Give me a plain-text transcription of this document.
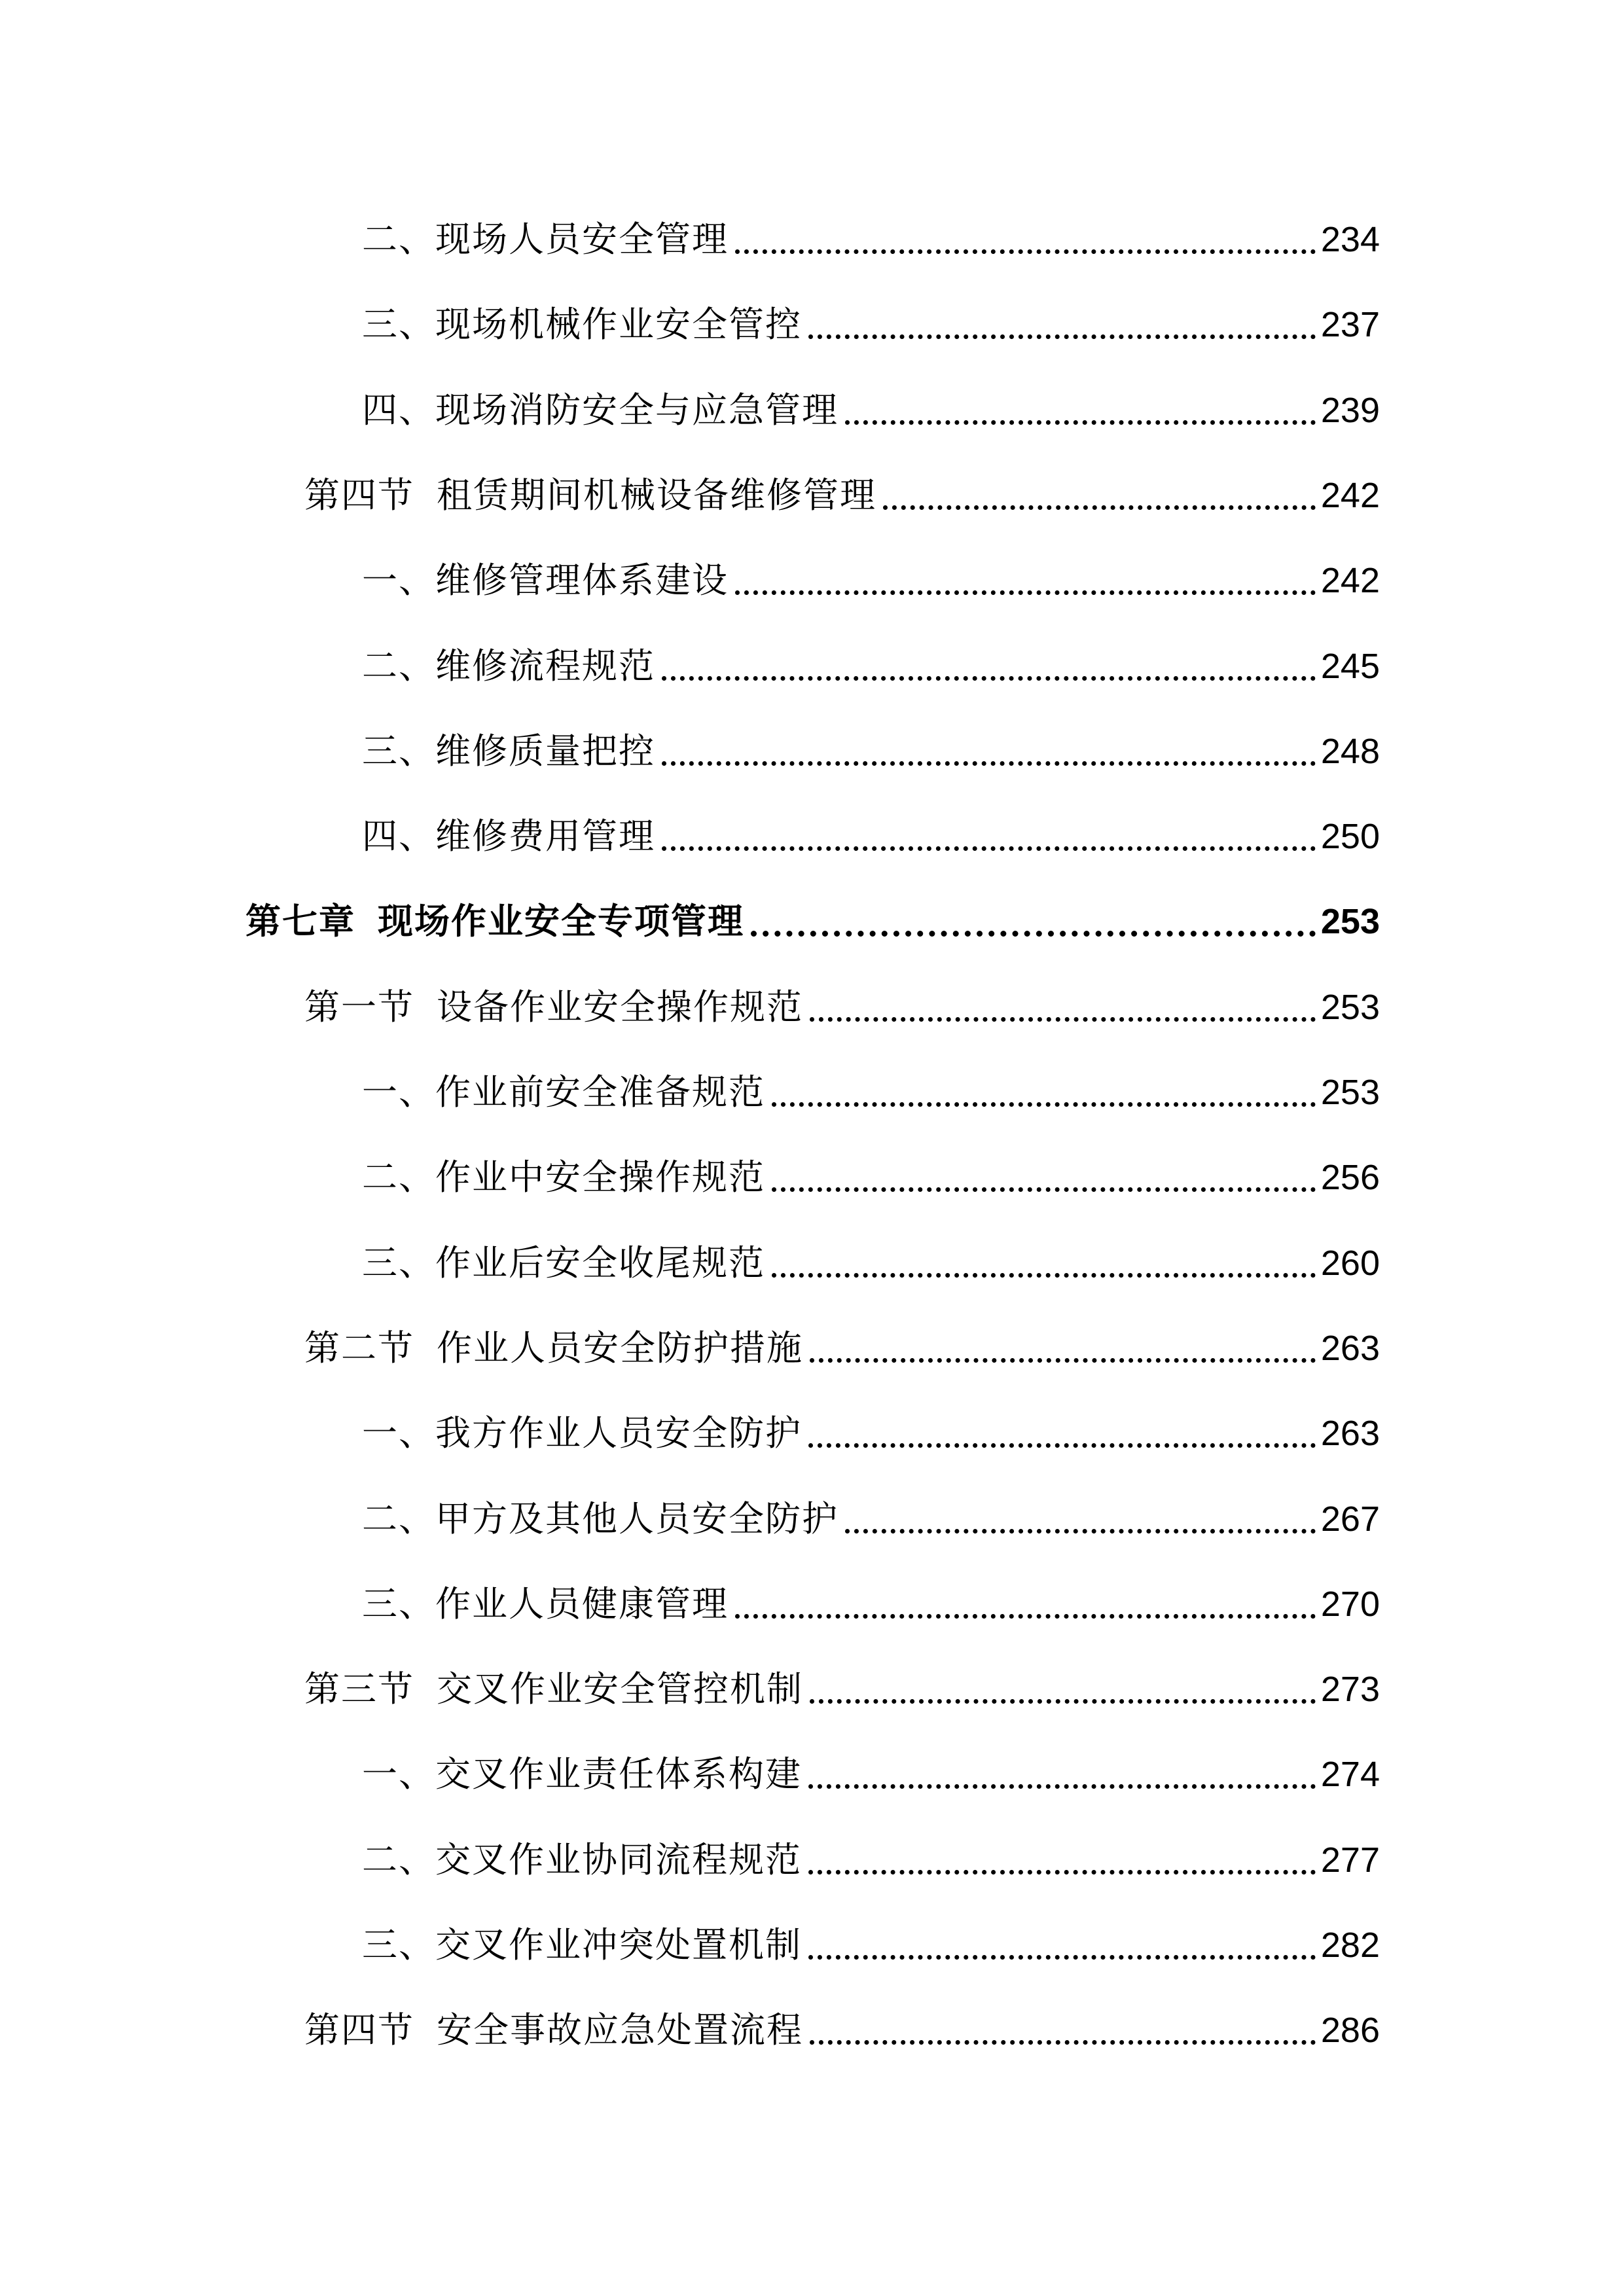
二、 现场人员安全管理	234
三、 现场机械作业安全管控	237
四、 现场消防安全与应急管理	239
第四节 租赁期间机械设备维修管理	242
一、 维修管理体系建设	242
二、 维修流程规范	245
三、 维修质量把控	248
四、 维修费用管理	250
第七章 现场作业安全专项管理	253
第一节 设备作业安全操作规范	253
一、 作业前安全准备规范	253
二、 作业中安全操作规范	256
三、 作业后安全收尾规范	260
第二节 作业人员安全防护措施	263
一、 我方作业人员安全防护	263
二、 甲方及其他人员安全防护	267
三、 作业人员健康管理	270
第三节 交叉作业安全管控机制	273
一、 交叉作业责任体系构建	274
二、 交叉作业协同流程规范	277
三、 交叉作业冲突处置机制	282
第四节 安全事故应急处置流程	286
